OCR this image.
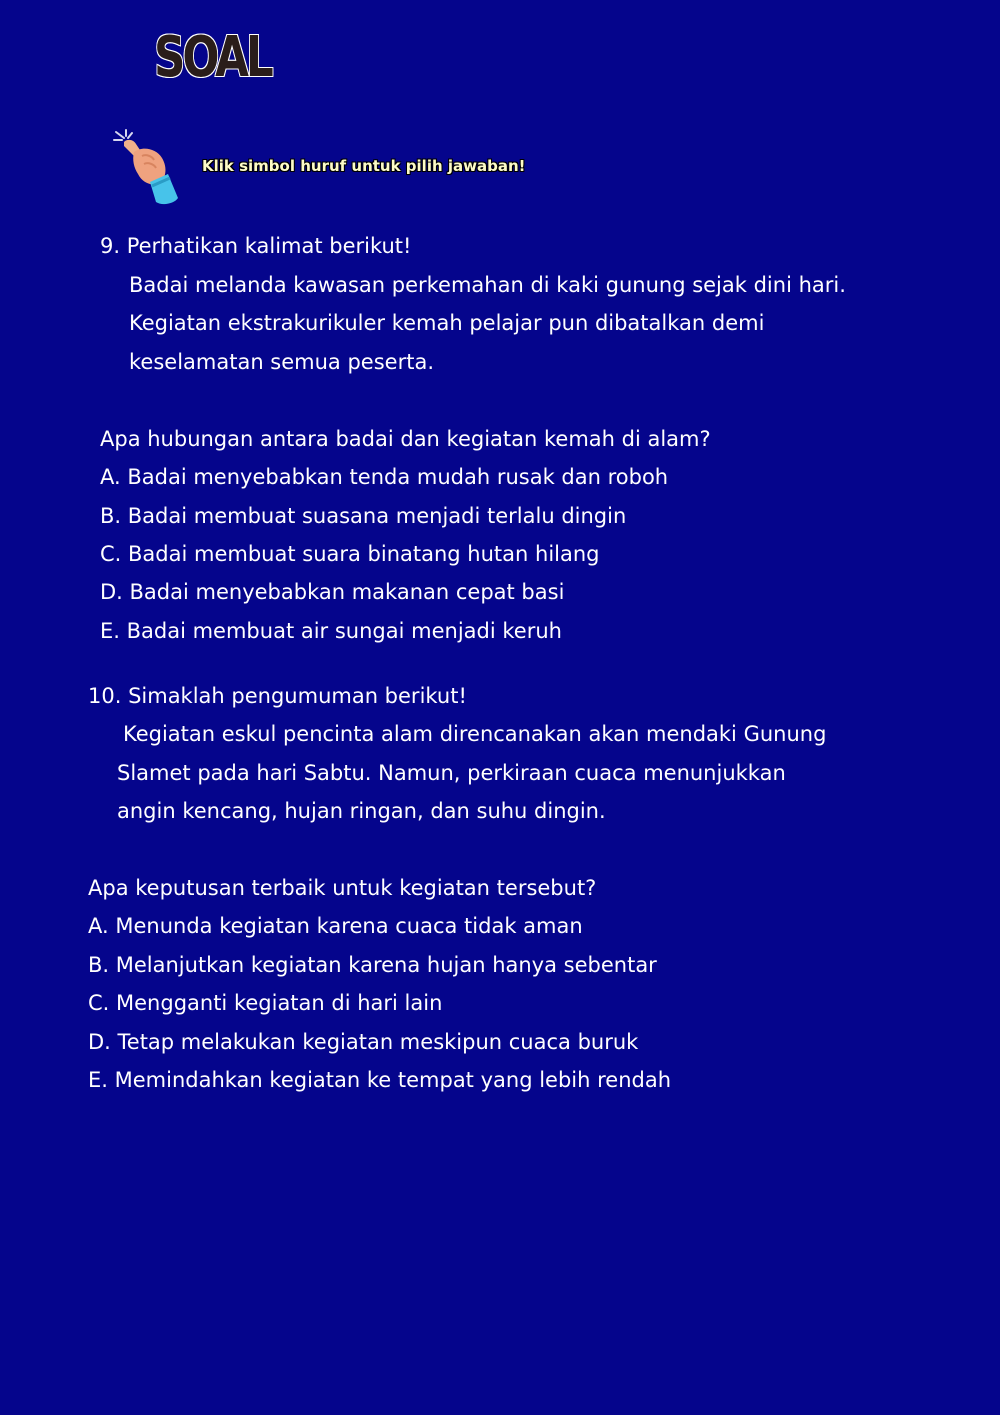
SOAL
Klik simbol huruf untuk pilih jawaban!
9. Perhatikan kalimat berikut!
Badai melanda kawasan perkemahan di kaki gunung sejak dini hari.
Kegiatan ekstrakurikuler kemah pelajar pun dibatalkan demi
keselamatan semua peserta.
Apa hubungan antara badai dan kegiatan kemah di alam?
A. Badai menyebabkan tenda mudah rusak dan roboh
B. Badai membuat suasana menjadi terlalu dingin
C. Badai membuat suara binatang hutan hilang
D. Badai menyebabkan makanan cepat basi
E. Badai membuat air sungai menjadi keruh
10. Simaklah pengumuman berikut!
Kegiatan eskul pencinta alam direncanakan akan mendaki Gunung
Slamet pada hari Sabtu. Namun, perkiraan cuaca menunjukkan
angin kencang, hujan ringan, dan suhu dingin.
Apa keputusan terbaik untuk kegiatan tersebut?
A. Menunda kegiatan karena cuaca tidak aman
B. Melanjutkan kegiatan karena hujan hanya sebentar
C. Mengganti kegiatan di hari lain
D. Tetap melakukan kegiatan meskipun cuaca buruk
E. Memindahkan kegiatan ke tempat yang lebih rendah
